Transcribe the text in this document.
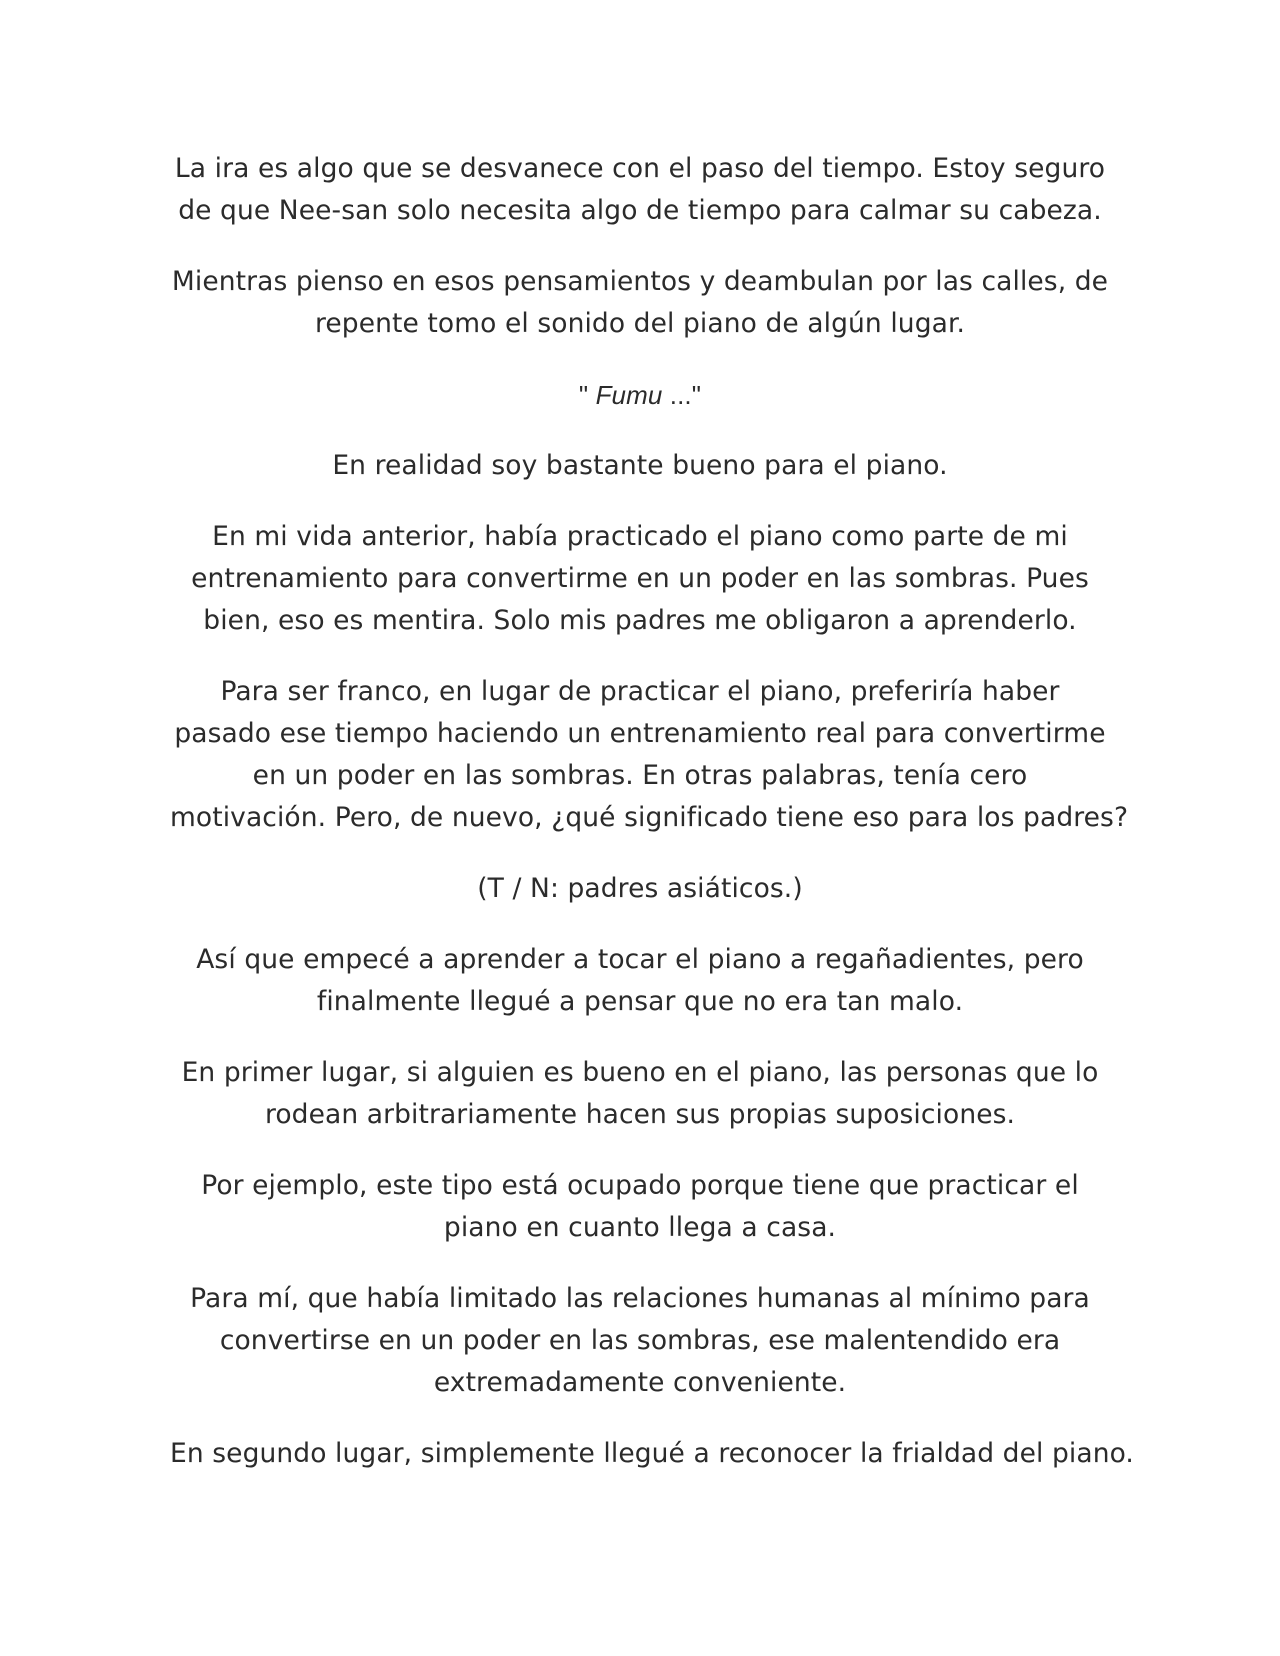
La ira es algo que se desvanece con el paso del tiempo. Estoy seguro
de que Nee-san solo necesita algo de tiempo para calmar su cabeza.

Mientras pienso en esos pensamientos y deambulan por las calles, de
repente tomo el sonido del piano de algún lugar.

" Fumu ..."

En realidad soy bastante bueno para el piano.

En mi vida anterior, había practicado el piano como parte de mi
entrenamiento para convertirme en un poder en las sombras. Pues
bien, eso es mentira. Solo mis padres me obligaron a aprenderlo.

Para ser franco, en lugar de practicar el piano, preferiría haber
pasado ese tiempo haciendo un entrenamiento real para convertirme
en un poder en las sombras. En otras palabras, tenía cero
motivación. Pero, de nuevo, ¿qué significado tiene eso para los padres?

(T / N: padres asiáticos.)

Así que empecé a aprender a tocar el piano a regañadientes, pero
finalmente llegué a pensar que no era tan malo.

En primer lugar, si alguien es bueno en el piano, las personas que lo
rodean arbitrariamente hacen sus propias suposiciones.

Por ejemplo, este tipo está ocupado porque tiene que practicar el
piano en cuanto llega a casa.

Para mí, que había limitado las relaciones humanas al mínimo para
convertirse en un poder en las sombras, ese malentendido era
extremadamente conveniente.

En segundo lugar, simplemente llegué a reconocer la frialdad del piano.
